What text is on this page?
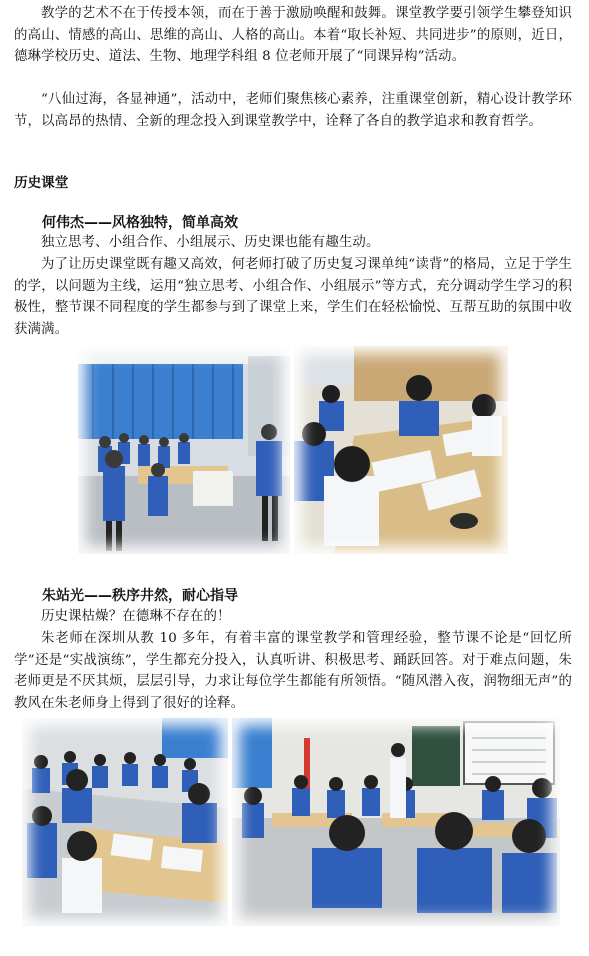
教学的艺术不在于传授本领，而在于善于激励唤醒和鼓舞。课堂教学要引领学生攀登知识的高山、情感的高山、思维的高山、人格的高山。本着“取长补短、共同进步”的原则，近日，德琳学校历史、道法、生物、地理学科组 8 位老师开展了“同课异构”活动。

“八仙过海，各显神通”，活动中，老师们聚焦核心素养，注重课堂创新，精心设计教学环节，以高昂的热情、全新的理念投入到课堂教学中，诠释了各自的教学追求和教育哲学。

历史课堂

何伟杰——风格独特，简单高效

独立思考、小组合作、小组展示、历史课也能有趣生动。

为了让历史课堂既有趣又高效，何老师打破了历史复习课单纯“读背”的格局，立足于学生的学，以问题为主线，运用“独立思考、小组合作、小组展示”等方式，充分调动学生学习的积极性，整节课不同程度的学生都参与到了课堂上来，学生们在轻松愉悦、互帮互助的氛围中收获满满。

朱站光——秩序井然，耐心指导

历史课枯燥？在德琳不存在的！

朱老师在深圳从教 10 多年，有着丰富的课堂教学和管理经验，整节课不论是“回忆所学”还是“实战演练”，学生都充分投入，认真听讲、积极思考、踊跃回答。对于难点问题，朱老师更是不厌其烦，层层引导，力求让每位学生都能有所领悟。“随风潜入夜，润物细无声”的教风在朱老师身上得到了很好的诠释。
